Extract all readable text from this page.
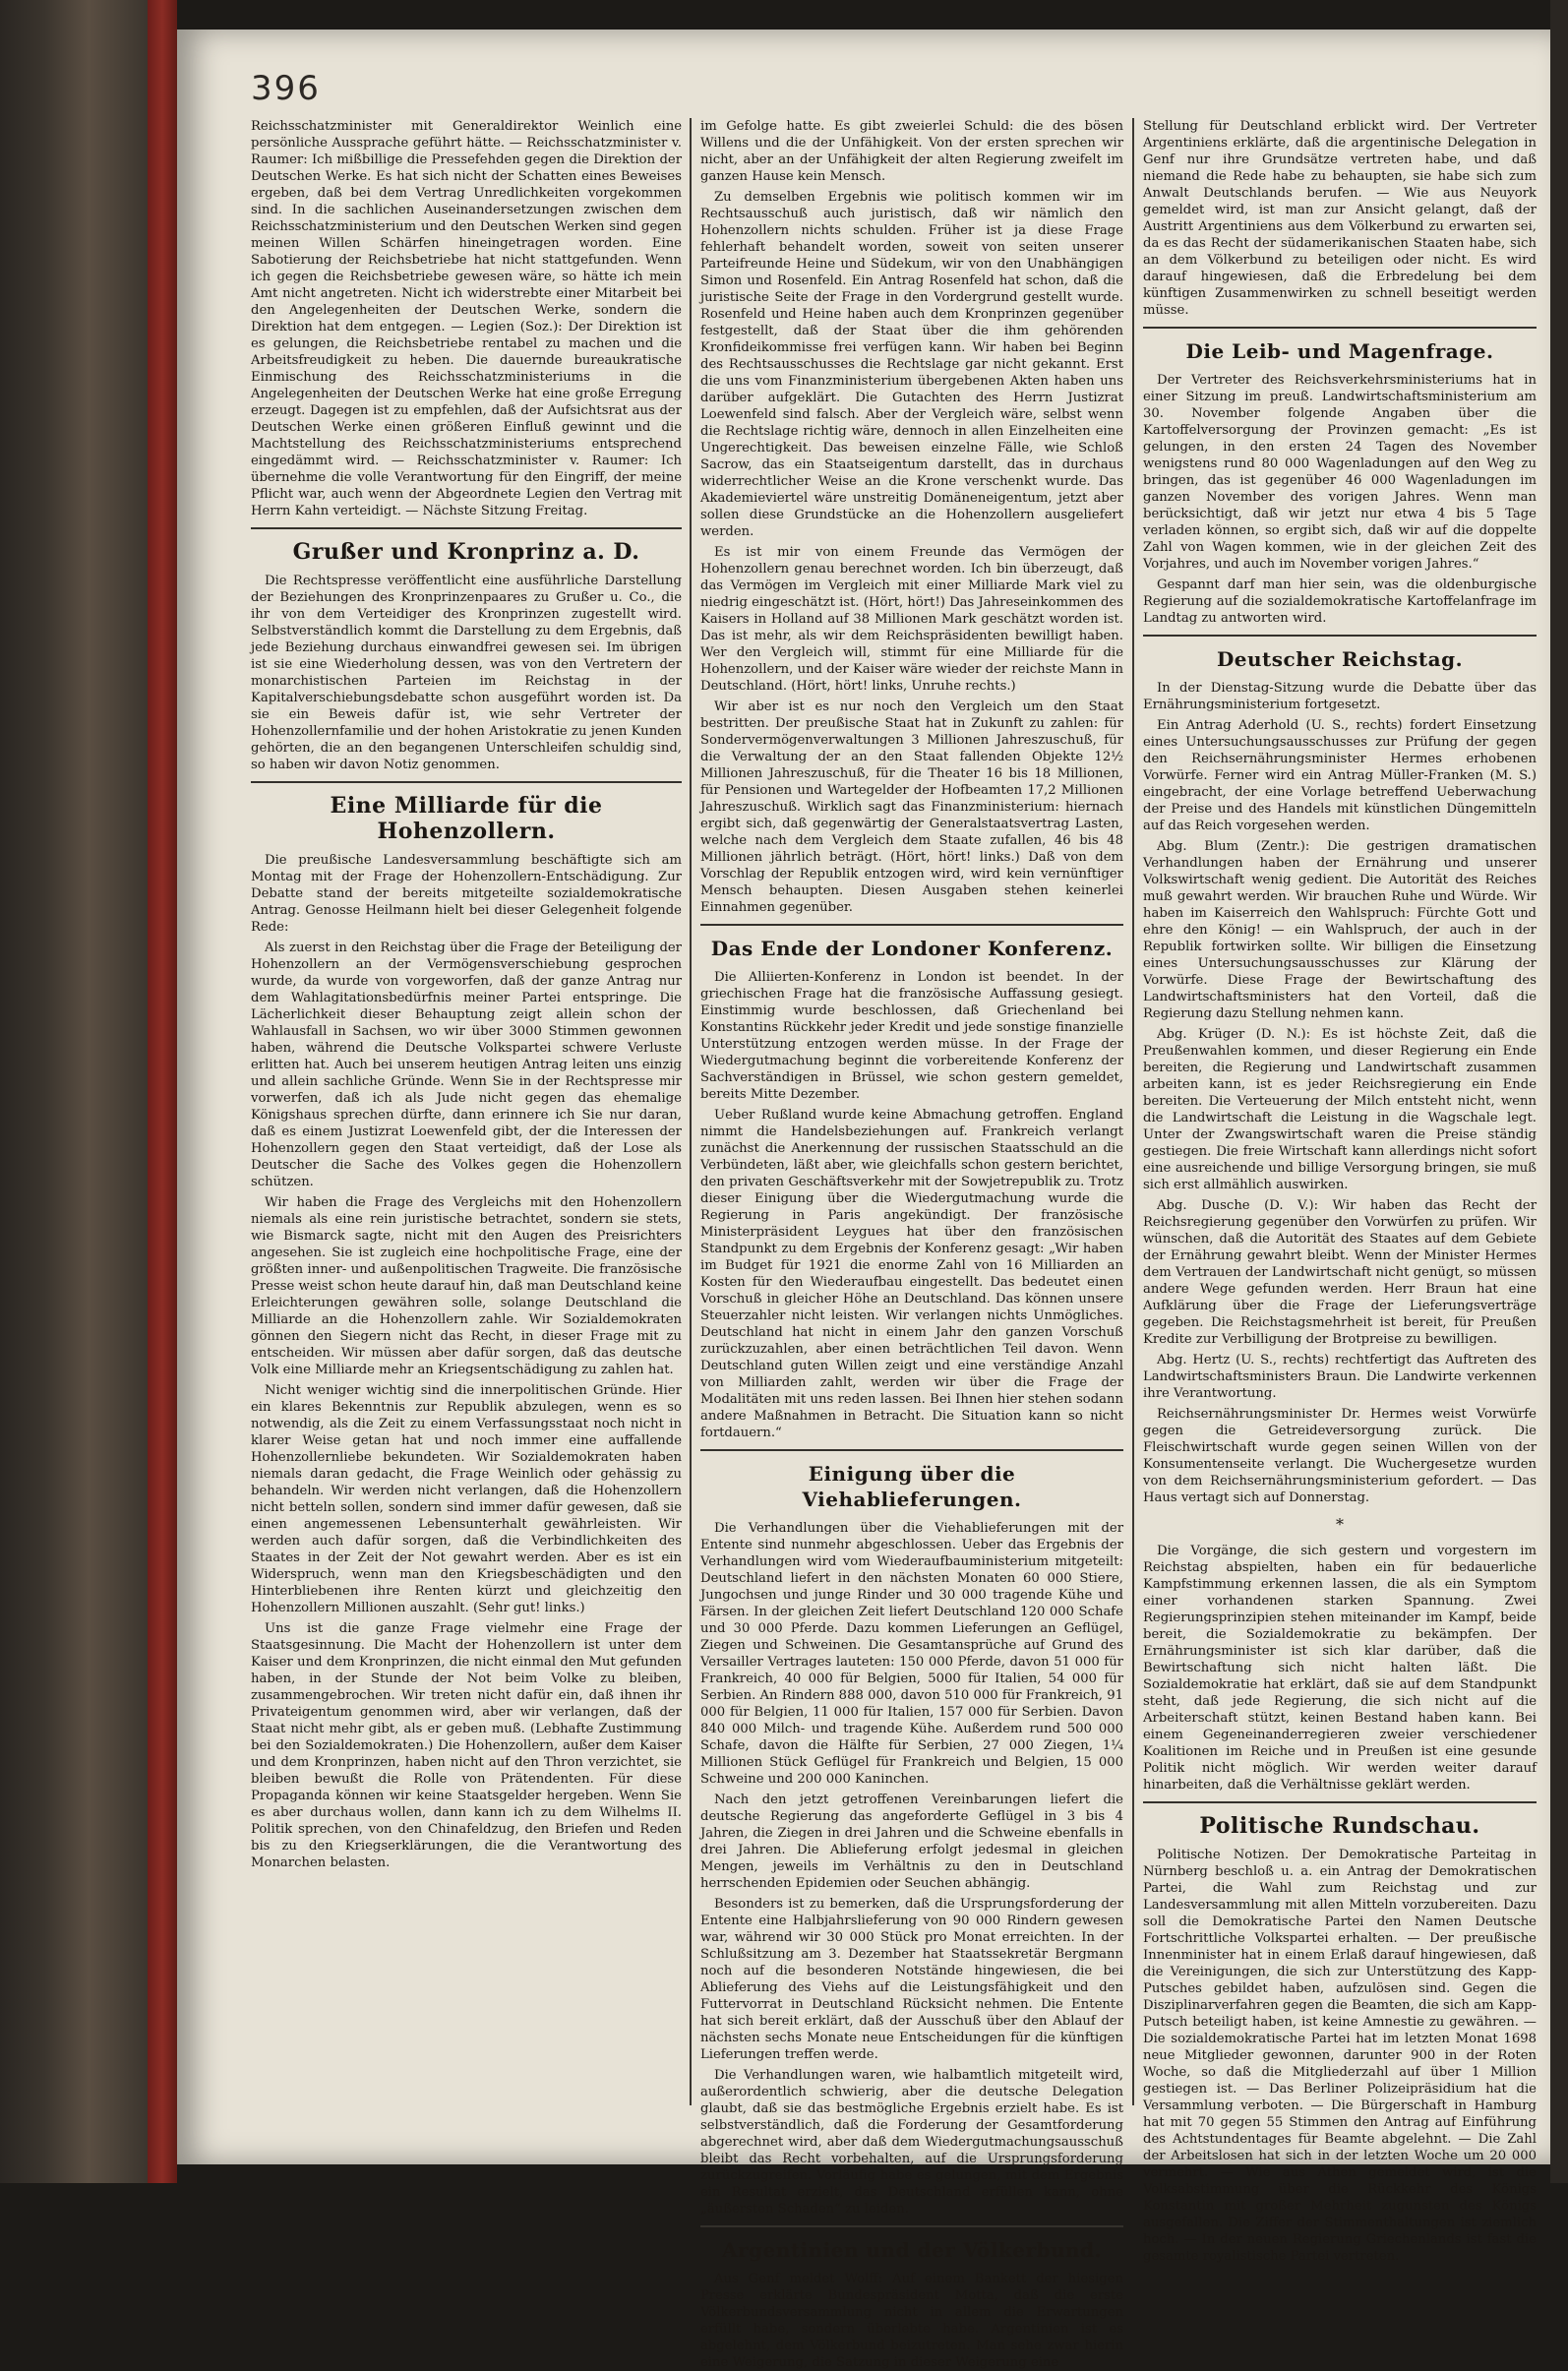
396

Reichsschatzminister mit Generaldirektor Weinlich eine persönliche Aussprache geführt hätte. — Reichsschatzminister v. Raumer: Ich mißbillige die Pressefehden gegen die Direktion der Deutschen Werke. Es hat sich nicht der Schatten eines Beweises ergeben, daß bei dem Vertrag Unredlichkeiten vorgekommen sind. In die sachlichen Auseinandersetzungen zwischen dem Reichsschatzministerium und den Deutschen Werken sind gegen meinen Willen Schärfen hineingetragen worden. Eine Sabotierung der Reichsbetriebe hat nicht stattgefunden. Wenn ich gegen die Reichsbetriebe gewesen wäre, so hätte ich mein Amt nicht angetreten. Nicht ich widerstrebte einer Mitarbeit bei den Angelegenheiten der Deutschen Werke, sondern die Direktion hat dem entgegen. — Legien (Soz.): Der Direktion ist es gelungen, die Reichsbetriebe rentabel zu machen und die Arbeitsfreudigkeit zu heben. Die dauernde bureaukratische Einmischung des Reichsschatzministeriums in die Angelegenheiten der Deutschen Werke hat eine große Erregung erzeugt. Dagegen ist zu empfehlen, daß der Aufsichtsrat aus der Deutschen Werke einen größeren Einfluß gewinnt und die Machtstellung des Reichsschatzministeriums entsprechend eingedämmt wird. — Reichsschatzminister v. Raumer: Ich übernehme die volle Verantwortung für den Eingriff, der meine Pflicht war, auch wenn der Abgeordnete Legien den Vertrag mit Herrn Kahn verteidigt. — Nächste Sitzung Freitag.

Grußer und Kronprinz a. D.

Die Rechtspresse veröffentlicht eine ausführliche Darstellung der Beziehungen des Kronprinzenpaares zu Grußer u. Co., die ihr von dem Verteidiger des Kronprinzen zugestellt wird. Selbstverständlich kommt die Darstellung zu dem Ergebnis, daß jede Beziehung durchaus einwandfrei gewesen sei. Im übrigen ist sie eine Wiederholung dessen, was von den Vertretern der monarchistischen Parteien im Reichstag in der Kapitalverschiebungsdebatte schon ausgeführt worden ist. Da sie ein Beweis dafür ist, wie sehr Vertreter der Hohenzollernfamilie und der hohen Aristokratie zu jenen Kunden gehörten, die an den begangenen Unterschleifen schuldig sind, so haben wir davon Notiz genommen.

Eine Milliarde für die Hohenzollern.

Die preußische Landesversammlung beschäftigte sich am Montag mit der Frage der Hohenzollern-Entschädigung. Zur Debatte stand der bereits mitgeteilte sozialdemokratische Antrag. Genosse Heilmann hielt bei dieser Gelegenheit folgende Rede:

Als zuerst in den Reichstag über die Frage der Beteiligung der Hohenzollern an der Vermögensverschiebung gesprochen wurde, da wurde von vorgeworfen, daß der ganze Antrag nur dem Wahlagitationsbedürfnis meiner Partei entspringe. Die Lächerlichkeit dieser Behauptung zeigt allein schon der Wahlausfall in Sachsen, wo wir über 3000 Stimmen gewonnen haben, während die Deutsche Volkspartei schwere Verluste erlitten hat. Auch bei unserem heutigen Antrag leiten uns einzig und allein sachliche Gründe. Wenn Sie in der Rechtspresse mir vorwerfen, daß ich als Jude nicht gegen das ehemalige Königshaus sprechen dürfte, dann erinnere ich Sie nur daran, daß es einem Justizrat Loewenfeld gibt, der die Interessen der Hohenzollern gegen den Staat verteidigt, daß der Lose als Deutscher die Sache des Volkes gegen die Hohenzollern schützen.

Wir haben die Frage des Vergleichs mit den Hohenzollern niemals als eine rein juristische betrachtet, sondern sie stets, wie Bismarck sagte, nicht mit den Augen des Preisrichters angesehen. Sie ist zugleich eine hochpolitische Frage, eine der größten inner- und außenpolitischen Tragweite. Die französische Presse weist schon heute darauf hin, daß man Deutschland keine Erleichterungen gewähren solle, solange Deutschland die Milliarde an die Hohenzollern zahle. Wir Sozialdemokraten gönnen den Siegern nicht das Recht, in dieser Frage mit zu entscheiden. Wir müssen aber dafür sorgen, daß das deutsche Volk eine Milliarde mehr an Kriegsentschädigung zu zahlen hat.

Nicht weniger wichtig sind die innerpolitischen Gründe. Hier ein klares Bekenntnis zur Republik abzulegen, wenn es so notwendig, als die Zeit zu einem Verfassungsstaat noch nicht in klarer Weise getan hat und noch immer eine auffallende Hohenzollernliebe bekundeten. Wir Sozialdemokraten haben niemals daran gedacht, die Frage Weinlich oder gehässig zu behandeln. Wir werden nicht verlangen, daß die Hohenzollern nicht betteln sollen, sondern sind immer dafür gewesen, daß sie einen angemessenen Lebensunterhalt gewährleisten. Wir werden auch dafür sorgen, daß die Verbindlichkeiten des Staates in der Zeit der Not gewahrt werden. Aber es ist ein Widerspruch, wenn man den Kriegsbeschädigten und den Hinterbliebenen ihre Renten kürzt und gleichzeitig den Hohenzollern Millionen auszahlt. (Sehr gut! links.)

Uns ist die ganze Frage vielmehr eine Frage der Staatsgesinnung. Die Macht der Hohenzollern ist unter dem Kaiser und dem Kronprinzen, die nicht einmal den Mut gefunden haben, in der Stunde der Not beim Volke zu bleiben, zusammengebrochen. Wir treten nicht dafür ein, daß ihnen ihr Privateigentum genommen wird, aber wir verlangen, daß der Staat nicht mehr gibt, als er geben muß. (Lebhafte Zustimmung bei den Sozialdemokraten.) Die Hohenzollern, außer dem Kaiser und dem Kronprinzen, haben nicht auf den Thron verzichtet, sie bleiben bewußt die Rolle von Prätendenten. Für diese Propaganda können wir keine Staatsgelder hergeben. Wenn Sie es aber durchaus wollen, dann kann ich zu dem Wilhelms II. Politik sprechen, von den Chinafeldzug, den Briefen und Reden bis zu den Kriegserklärungen, die die Verantwortung des Monarchen belasten.

im Gefolge hatte. Es gibt zweierlei Schuld: die des bösen Willens und die der Unfähigkeit. Von der ersten sprechen wir nicht, aber an der Unfähigkeit der alten Regierung zweifelt im ganzen Hause kein Mensch.

Zu demselben Ergebnis wie politisch kommen wir im Rechtsausschuß auch juristisch, daß wir nämlich den Hohenzollern nichts schulden. Früher ist ja diese Frage fehlerhaft behandelt worden, soweit von seiten unserer Parteifreunde Heine und Südekum, wir von den Unabhängigen Simon und Rosenfeld. Ein Antrag Rosenfeld hat schon, daß die juristische Seite der Frage in den Vordergrund gestellt wurde. Rosenfeld und Heine haben auch dem Kronprinzen gegenüber festgestellt, daß der Staat über die ihm gehörenden Kronfideikommisse frei verfügen kann. Wir haben bei Beginn des Rechtsausschusses die Rechtslage gar nicht gekannt. Erst die uns vom Finanzministerium übergebenen Akten haben uns darüber aufgeklärt. Die Gutachten des Herrn Justizrat Loewenfeld sind falsch. Aber der Vergleich wäre, selbst wenn die Rechtslage richtig wäre, dennoch in allen Einzelheiten eine Ungerechtigkeit. Das beweisen einzelne Fälle, wie Schloß Sacrow, das ein Staatseigentum darstellt, das in durchaus widerrechtlicher Weise an die Krone verschenkt wurde. Das Akademieviertel wäre unstreitig Domäneneigentum, jetzt aber sollen diese Grundstücke an die Hohenzollern ausgeliefert werden.

Es ist mir von einem Freunde das Vermögen der Hohenzollern genau berechnet worden. Ich bin überzeugt, daß das Vermögen im Vergleich mit einer Milliarde Mark viel zu niedrig eingeschätzt ist. (Hört, hört!) Das Jahreseinkommen des Kaisers in Holland auf 38 Millionen Mark geschätzt worden ist. Das ist mehr, als wir dem Reichspräsidenten bewilligt haben. Wer den Vergleich will, stimmt für eine Milliarde für die Hohenzollern, und der Kaiser wäre wieder der reichste Mann in Deutschland. (Hört, hört! links, Unruhe rechts.)

Wir aber ist es nur noch den Vergleich um den Staat bestritten. Der preußische Staat hat in Zukunft zu zahlen: für Sondervermögenverwaltungen 3 Millionen Jahreszuschuß, für die Verwaltung der an den Staat fallenden Objekte 12½ Millionen Jahreszuschuß, für die Theater 16 bis 18 Millionen, für Pensionen und Wartegelder der Hofbeamten 17,2 Millionen Jahreszuschuß. Wirklich sagt das Finanzministerium: hiernach ergibt sich, daß gegenwärtig der Generalstaatsvertrag Lasten, welche nach dem Vergleich dem Staate zufallen, 46 bis 48 Millionen jährlich beträgt. (Hört, hört! links.) Daß von dem Vorschlag der Republik entzogen wird, wird kein vernünftiger Mensch behaupten. Diesen Ausgaben stehen keinerlei Einnahmen gegenüber.

Das Ende der Londoner Konferenz.

Die Alliierten-Konferenz in London ist beendet. In der griechischen Frage hat die französische Auffassung gesiegt. Einstimmig wurde beschlossen, daß Griechenland bei Konstantins Rückkehr jeder Kredit und jede sonstige finanzielle Unterstützung entzogen werden müsse. In der Frage der Wiedergutmachung beginnt die vorbereitende Konferenz der Sachverständigen in Brüssel, wie schon gestern gemeldet, bereits Mitte Dezember.

Ueber Rußland wurde keine Abmachung getroffen. England nimmt die Handelsbeziehungen auf. Frankreich verlangt zunächst die Anerkennung der russischen Staatsschuld an die Verbündeten, läßt aber, wie gleichfalls schon gestern berichtet, den privaten Geschäftsverkehr mit der Sowjetrepublik zu. Trotz dieser Einigung über die Wiedergutmachung wurde die Regierung in Paris angekündigt. Der französische Ministerpräsident Leygues hat über den französischen Standpunkt zu dem Ergebnis der Konferenz gesagt: „Wir haben im Budget für 1921 die enorme Zahl von 16 Milliarden an Kosten für den Wiederaufbau eingestellt. Das bedeutet einen Vorschuß in gleicher Höhe an Deutschland. Das können unsere Steuerzahler nicht leisten. Wir verlangen nichts Unmögliches. Deutschland hat nicht in einem Jahr den ganzen Vorschuß zurückzuzahlen, aber einen beträchtlichen Teil davon. Wenn Deutschland guten Willen zeigt und eine verständige Anzahl von Milliarden zahlt, werden wir über die Frage der Modalitäten mit uns reden lassen. Bei Ihnen hier stehen sodann andere Maßnahmen in Betracht. Die Situation kann so nicht fortdauern.“

Einigung über die Viehablieferungen.

Die Verhandlungen über die Viehablieferungen mit der Entente sind nunmehr abgeschlossen. Ueber das Ergebnis der Verhandlungen wird vom Wiederaufbauministerium mitgeteilt: Deutschland liefert in den nächsten Monaten 60 000 Stiere, Jungochsen und junge Rinder und 30 000 tragende Kühe und Färsen. In der gleichen Zeit liefert Deutschland 120 000 Schafe und 30 000 Pferde. Dazu kommen Lieferungen an Geflügel, Ziegen und Schweinen. Die Gesamtansprüche auf Grund des Versailler Vertrages lauteten: 150 000 Pferde, davon 51 000 für Frankreich, 40 000 für Belgien, 5000 für Italien, 54 000 für Serbien. An Rindern 888 000, davon 510 000 für Frankreich, 91 000 für Belgien, 11 000 für Italien, 157 000 für Serbien. Davon 840 000 Milch- und tragende Kühe. Außerdem rund 500 000 Schafe, davon die Hälfte für Serbien, 27 000 Ziegen, 1¼ Millionen Stück Geflügel für Frankreich und Belgien, 15 000 Schweine und 200 000 Kaninchen.

Nach den jetzt getroffenen Vereinbarungen liefert die deutsche Regierung das angeforderte Geflügel in 3 bis 4 Jahren, die Ziegen in drei Jahren und die Schweine ebenfalls in drei Jahren. Die Ablieferung erfolgt jedesmal in gleichen Mengen, jeweils im Verhältnis zu den in Deutschland herrschenden Epidemien oder Seuchen abhängig.

Besonders ist zu bemerken, daß die Ursprungsforderung der Entente eine Halbjahrslieferung von 90 000 Rindern gewesen war, während wir 30 000 Stück pro Monat erreichten. In der Schlußsitzung am 3. Dezember hat Staatssekretär Bergmann noch auf die besonderen Notstände hingewiesen, die bei Ablieferung des Viehs auf die Leistungsfähigkeit und den Futtervorrat in Deutschland Rücksicht nehmen. Die Entente hat sich bereit erklärt, daß der Ausschuß über den Ablauf der nächsten sechs Monate neue Entscheidungen für die künftigen Lieferungen treffen werde.

Die Verhandlungen waren, wie halbamtlich mitgeteilt wird, außerordentlich schwierig, aber die deutsche Delegation glaubt, daß sie das bestmögliche Ergebnis erzielt habe. Es ist selbstverständlich, daß die Forderung der Gesamtforderung abgerechnet wird, aber daß dem Wiedergutmachungsausschuß bleibt das Recht vorbehalten, auf die Ursprungsforderung zurückzugreifen. Vorläufig habe es gelungen, mit dem Ergebnis ein Resultat erzielt, das Deutschland erfüllen kann, ohne „äußersten Schaden“ zu leiden.

Argentinien und der Völkerbund.

Aus Genf meldet Wolff: Auf einem Bankett der hiesigen Presse erklärte Bundespräsident Motta, daß die erste Völkerbundsversammlung nicht in allem die Erwartungen erfüllt habe, sondern überlebte habe. Argentinien ist es abgelehnt, dem Völkerbund beizutreten. Man sehe zwar hierin eine Weigerung, die Satzung in dieser Weigerung eine

Stellung für Deutschland erblickt wird. Der Vertreter Argentiniens erklärte, daß die argentinische Delegation in Genf nur ihre Grundsätze vertreten habe, und daß niemand die Rede habe zu behaupten, sie habe sich zum Anwalt Deutschlands berufen. — Wie aus Neuyork gemeldet wird, ist man zur Ansicht gelangt, daß der Austritt Argentiniens aus dem Völkerbund zu erwarten sei, da es das Recht der südamerikanischen Staaten habe, sich an dem Völkerbund zu beteiligen oder nicht. Es wird darauf hingewiesen, daß die Erbredelung bei dem künftigen Zusammenwirken zu schnell beseitigt werden müsse.

Die Leib- und Magenfrage.

Der Vertreter des Reichsverkehrsministeriums hat in einer Sitzung im preuß. Landwirtschaftsministerium am 30. November folgende Angaben über die Kartoffelversorgung der Provinzen gemacht: „Es ist gelungen, in den ersten 24 Tagen des November wenigstens rund 80 000 Wagenladungen auf den Weg zu bringen, das ist gegenüber 46 000 Wagenladungen im ganzen November des vorigen Jahres. Wenn man berücksichtigt, daß wir jetzt nur etwa 4 bis 5 Tage verladen können, so ergibt sich, daß wir auf die doppelte Zahl von Wagen kommen, wie in der gleichen Zeit des Vorjahres, und auch im November vorigen Jahres.“

Gespannt darf man hier sein, was die oldenburgische Regierung auf die sozialdemokratische Kartoffelanfrage im Landtag zu antworten wird.

Deutscher Reichstag.

In der Dienstag-Sitzung wurde die Debatte über das Ernährungsministerium fortgesetzt.

Ein Antrag Aderhold (U. S., rechts) fordert Einsetzung eines Untersuchungsausschusses zur Prüfung der gegen den Reichsernährungsminister Hermes erhobenen Vorwürfe. Ferner wird ein Antrag Müller-Franken (M. S.) eingebracht, der eine Vorlage betreffend Ueberwachung der Preise und des Handels mit künstlichen Düngemitteln auf das Reich vorgesehen werden.

Abg. Blum (Zentr.): Die gestrigen dramatischen Verhandlungen haben der Ernährung und unserer Volkswirtschaft wenig gedient. Die Autorität des Reiches muß gewahrt werden. Wir brauchen Ruhe und Würde. Wir haben im Kaiserreich den Wahlspruch: Fürchte Gott und ehre den König! — ein Wahlspruch, der auch in der Republik fortwirken sollte. Wir billigen die Einsetzung eines Untersuchungsausschusses zur Klärung der Vorwürfe. Diese Frage der Bewirtschaftung des Landwirtschaftsministers hat den Vorteil, daß die Regierung dazu Stellung nehmen kann.

Abg. Krüger (D. N.): Es ist höchste Zeit, daß die Preußenwahlen kommen, und dieser Regierung ein Ende bereiten, die Regierung und Landwirtschaft zusammen arbeiten kann, ist es jeder Reichsregierung ein Ende bereiten. Die Verteuerung der Milch entsteht nicht, wenn die Landwirtschaft die Leistung in die Wagschale legt. Unter der Zwangswirtschaft waren die Preise ständig gestiegen. Die freie Wirtschaft kann allerdings nicht sofort eine ausreichende und billige Versorgung bringen, sie muß sich erst allmählich auswirken.

Abg. Dusche (D. V.): Wir haben das Recht der Reichsregierung gegenüber den Vorwürfen zu prüfen. Wir wünschen, daß die Autorität des Staates auf dem Gebiete der Ernährung gewahrt bleibt. Wenn der Minister Hermes dem Vertrauen der Landwirtschaft nicht genügt, so müssen andere Wege gefunden werden. Herr Braun hat eine Aufklärung über die Frage der Lieferungsverträge gegeben. Die Reichstagsmehrheit ist bereit, für Preußen Kredite zur Verbilligung der Brotpreise zu bewilligen.

Abg. Hertz (U. S., rechts) rechtfertigt das Auftreten des Landwirtschaftsministers Braun. Die Landwirte verkennen ihre Verantwortung.

Reichsernährungsminister Dr. Hermes weist Vorwürfe gegen die Getreideversorgung zurück. Die Fleischwirtschaft wurde gegen seinen Willen von der Konsumentenseite verlangt. Die Wuchergesetze wurden von dem Reichsernährungsministerium gefordert. — Das Haus vertagt sich auf Donnerstag.

*

Die Vorgänge, die sich gestern und vorgestern im Reichstag abspielten, haben ein für bedauerliche Kampfstimmung erkennen lassen, die als ein Symptom einer vorhandenen starken Spannung. Zwei Regierungsprinzipien stehen miteinander im Kampf, beide bereit, die Sozialdemokratie zu bekämpfen. Der Ernährungsminister ist sich klar darüber, daß die Bewirtschaftung sich nicht halten läßt. Die Sozialdemokratie hat erklärt, daß sie auf dem Standpunkt steht, daß jede Regierung, die sich nicht auf die Arbeiterschaft stützt, keinen Bestand haben kann. Bei einem Gegeneinanderregieren zweier verschiedener Koalitionen im Reiche und in Preußen ist eine gesunde Politik nicht möglich. Wir werden weiter darauf hinarbeiten, daß die Verhältnisse geklärt werden.

Politische Rundschau.

Politische Notizen. Der Demokratische Parteitag in Nürnberg beschloß u. a. ein Antrag der Demokratischen Partei, die Wahl zum Reichstag und zur Landesversammlung mit allen Mitteln vorzubereiten. Dazu soll die Demokratische Partei den Namen Deutsche Fortschrittliche Volkspartei erhalten. — Der preußische Innenminister hat in einem Erlaß darauf hingewiesen, daß die Vereinigungen, die sich zur Unterstützung des Kapp-Putsches gebildet haben, aufzulösen sind. Gegen die Disziplinarverfahren gegen die Beamten, die sich am Kapp-Putsch beteiligt haben, ist keine Amnestie zu gewähren. — Die sozialdemokratische Partei hat im letzten Monat 1698 neue Mitglieder gewonnen, darunter 900 in der Roten Woche, so daß die Mitgliederzahl auf über 1 Million gestiegen ist. — Das Berliner Polizeipräsidium hat die Versammlung verboten. — Die Bürgerschaft in Hamburg hat mit 70 gegen 55 Stimmen den Antrag auf Einführung des Achtstundentages für Beamte abgelehnt. — Die Zahl der Arbeitslosen hat sich in der letzten Woche um 20 000 vermehrt. — Wie aus Athen gemeldet wird, ist die Volksabstimmung über die Rückkehr des Königs Konstantin mit großer Mehrheit zugunsten des Königs ausgefallen. Die Ziffer der Stimmenthaltungen ist ziemlich hoch. — In der neuen Regierung Griechenlands ist fast die gesamte royalistische Partei vertreten.
